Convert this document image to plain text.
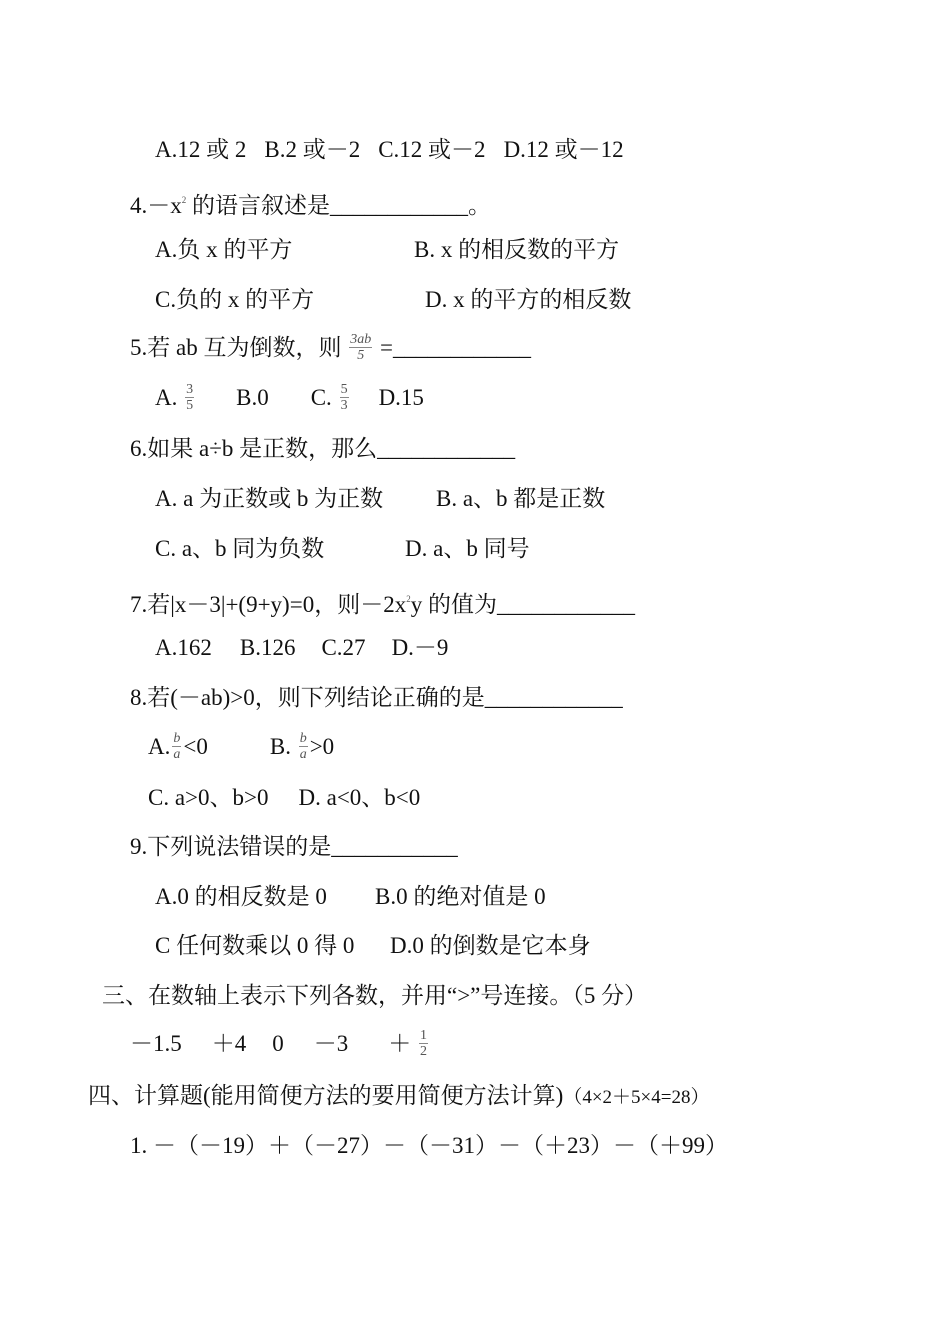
A.12 或 2 B.2 或－2 C.12 或－2 D.12 或－12
$4.-x^2$ 的语言叙述是____________。
A.负 x 的平方	B. x 的相反数的平方
C.负的 x 的平方	D. x 的平方的相反数
5.若 ab 互为倒数，则 $\frac{3ab}{5}$ =____________
A. $\frac{3}{5} B.0$ C. $\frac{5}{3} D.15$
6.如果 a÷b 是正数，那么____________
A. a 为正数或 b 为正数 B. a、b 都是正数
C. a、b 同为负数	D. a、b 同号
7.若|x－3|+(9+y)=0，则$-2x^2y$ 的值为____________
A.162 B.126 C.27 D.－9
8.若(－ab)>0，则下列结论正确的是____________
A. $\frac{b}{a} <0$	B. $\frac{b}{a} >0$
C. a>0、b>0 D. a<0、b<0
9.下列说法错误的是___________
A.0 的相反数是 0 B.0 的绝对值是 0
C 任何数乘以 0 得 0 D.0 的倒数是它本身
三、在数轴上表示下列各数，并用“>”号连接。（5 分）
－1.5 ＋4 $0 -3 + \frac{1}{2}$
四、计算题(能用简便方法的要用简便方法计算)（4×2＋5×4=28）
1. －（－19）＋（－27）－（－31）－（＋23）－（＋99）
